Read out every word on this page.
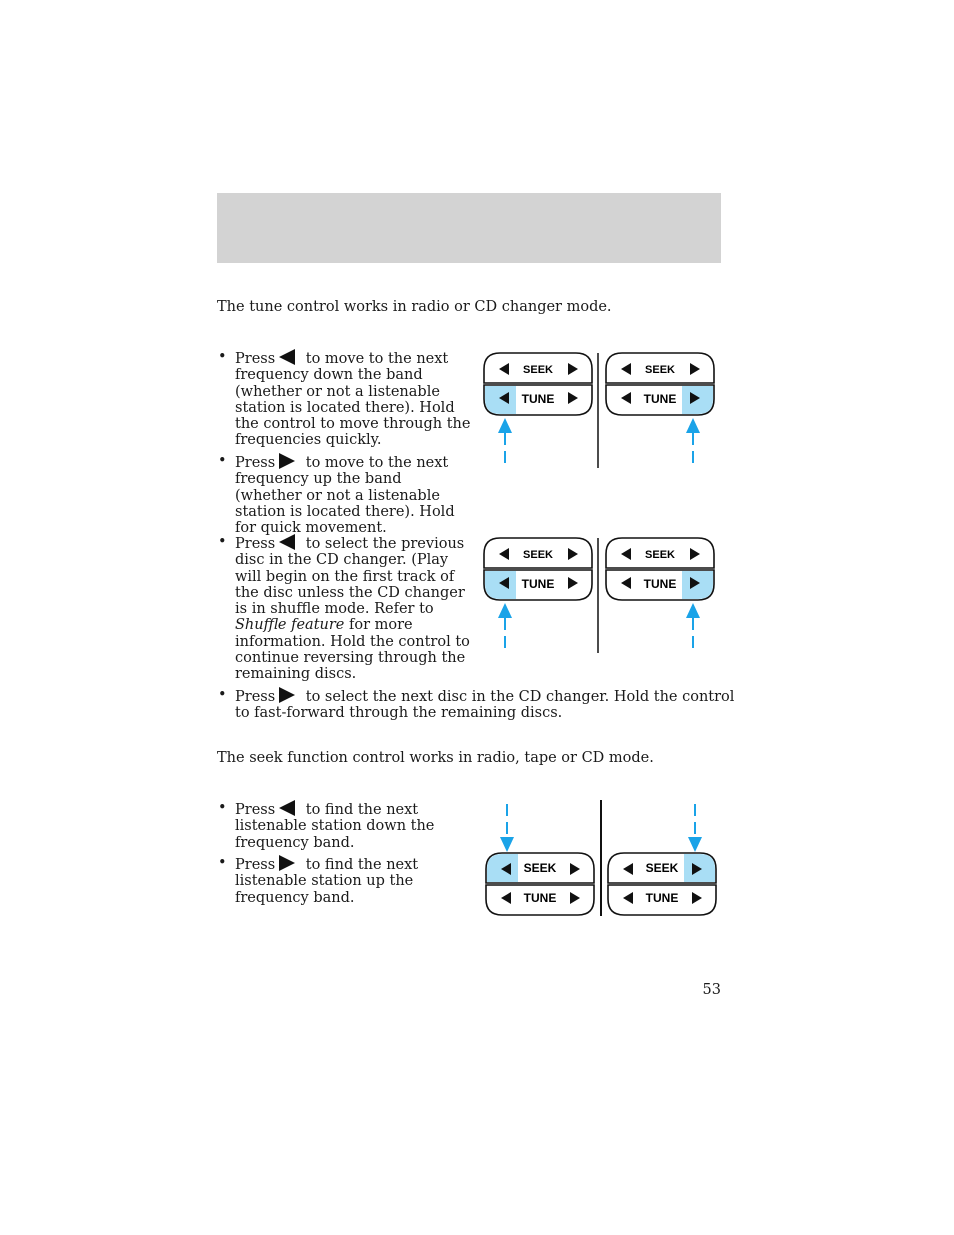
The tune control works in radio or CD changer mode.
• Press to move to the next frequency down the band (whether or not a listenable station is located there). Hold the control to move through the frequencies quickly.
• Press to move to the next frequency up the band (whether or not a listenable station is located there). Hold for quick movement.
• Press to select the previous disc in the CD changer. (Play will begin on the first track of the disc unless the CD changer is in shuffle mode. Refer to Shuffle feature for more information. Hold the control to continue reversing through the remaining discs.
• Press to select the next disc in the CD changer. Hold the control
to fast-forward through the remaining discs.
The seek function control works in radio, tape or CD mode.
• Press to find the next listenable station down the frequency band.
• Press to find the next listenable station up the frequency band.
SEEK
TUNE
SEEK
TUNE
SEEK
TUNE
SEEK
TUNE
SEEK
TUNE
SEEK
TUNE
53
